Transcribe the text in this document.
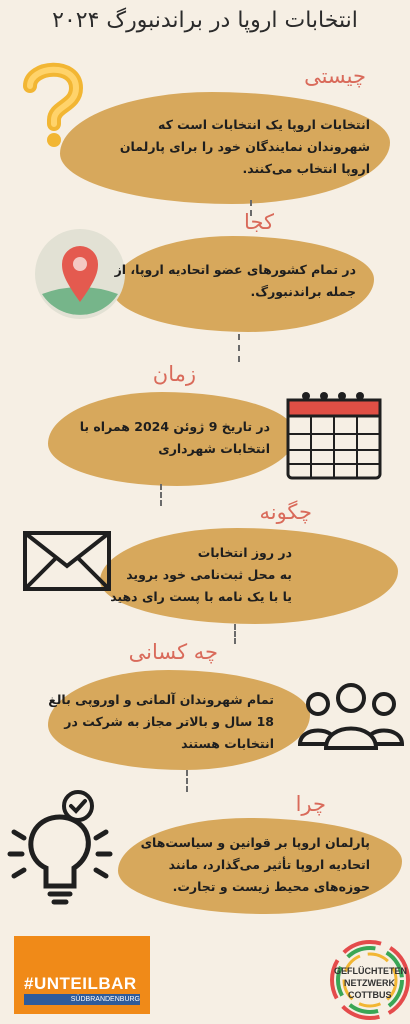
انتخابات اروپا در براندنبورگ ۲۰۲۴
چیستی
انتخابات اروپا یک انتخابات است که
شهروندان نمایندگان خود را برای پارلمان
اروپا انتخاب می‌کنند.
کجا
در تمام کشورهای عضو اتحادیه اروپا، از
جمله براندنبورگ.
زمان
در تاریخ 9 ژوئن 2024 همراه با
انتخابات شهرداری
چگونه
در روز انتخابات
به محل ثبت‌نامی خود بروید
یا با یک نامه با پست رای دهید
چه کسانی
تمام شهروندان آلمانی و اوروپی بالغ
18 سال و بالاتر مجاز به شرکت در
انتخابات هستند
چرا
پارلمان اروپا بر قوانین و سیاست‌های
اتحادیه اروپا تأثیر می‌گذارد، مانند
حوزه‌های محیط زیست و تجارت.
#UNTEILBAR
SÜDBRANDENBURG
GEFLÜCHTETEN
NETZWERK
COTTBUS
